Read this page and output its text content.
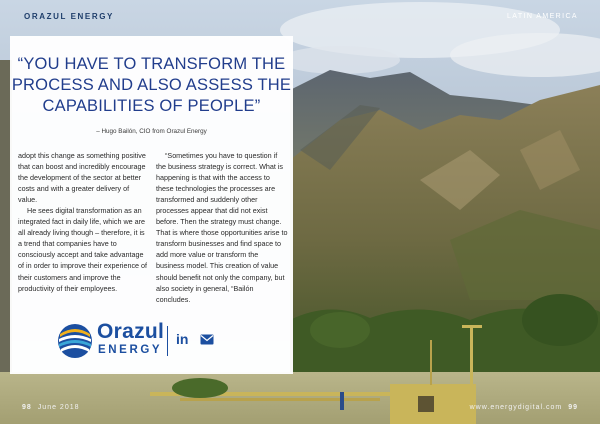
ORAZUL ENERGY	LATIN AMERICA
“YOU HAVE TO TRANSFORM THE PROCESS AND ALSO ASSESS THE CAPABILITIES OF PEOPLE”
– Hugo Bailón, CIO from Orazul Energy

adopt this change as something positive that can boost and incredibly encourage the development of the sector at better costs and with a greater delivery of value.

He sees digital transformation as an integrated fact in daily life, which we are all already living though – therefore, it is a trend that companies have to consciously accept and take advantage of in order to improve their experience of their customers and improve the productivity of their employees.

“Sometimes you have to question if the business strategy is correct. What is happening is that with the access to these technologies the processes are transformed and suddenly other processes appear that did not exist before. Then the strategy must change. That is where those opportunities arise to transform businesses and find space to add more value or transform the business model. This creation of value should benefit not only the company, but also society in general, “Bailón concludes.

Orazul
ENERGY
in
98 June 2018	www.energydigital.com 99
